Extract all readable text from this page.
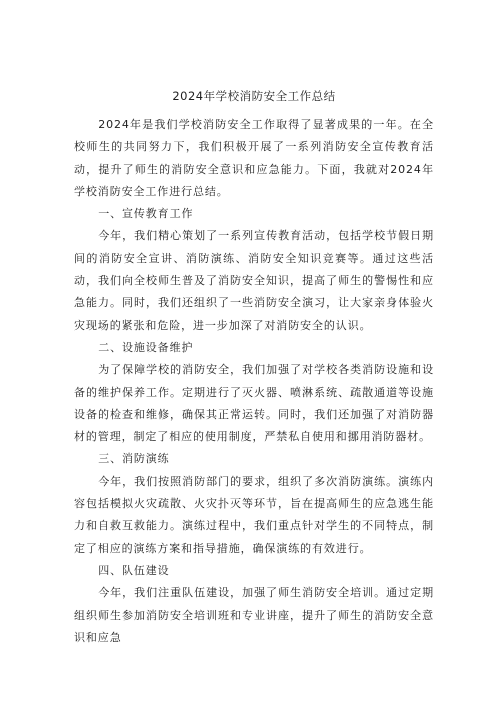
2024年学校消防安全工作总结

2024年是我们学校消防安全工作取得了显著成果的一年。在全校师生的共同努力下，我们积极开展了一系列消防安全宣传教育活动，提升了师生的消防安全意识和应急能力。下面，我就对2024年学校消防安全工作进行总结。

一、宣传教育工作

今年，我们精心策划了一系列宣传教育活动，包括学校节假日期间的消防安全宣讲、消防演练、消防安全知识竞赛等。通过这些活动，我们向全校师生普及了消防安全知识，提高了师生的警惕性和应急能力。同时，我们还组织了一些消防安全演习，让大家亲身体验火灾现场的紧张和危险，进一步加深了对消防安全的认识。

二、设施设备维护

为了保障学校的消防安全，我们加强了对学校各类消防设施和设备的维护保养工作。定期进行了灭火器、喷淋系统、疏散通道等设施设备的检查和维修，确保其正常运转。同时，我们还加强了对消防器材的管理，制定了相应的使用制度，严禁私自使用和挪用消防器材。

三、消防演练

今年，我们按照消防部门的要求，组织了多次消防演练。演练内容包括模拟火灾疏散、火灾扑灭等环节，旨在提高师生的应急逃生能力和自救互救能力。演练过程中，我们重点针对学生的不同特点，制定了相应的演练方案和指导措施，确保演练的有效进行。

四、队伍建设

今年，我们注重队伍建设，加强了师生消防安全培训。通过定期组织师生参加消防安全培训班和专业讲座，提升了师生的消防安全意识和应急
